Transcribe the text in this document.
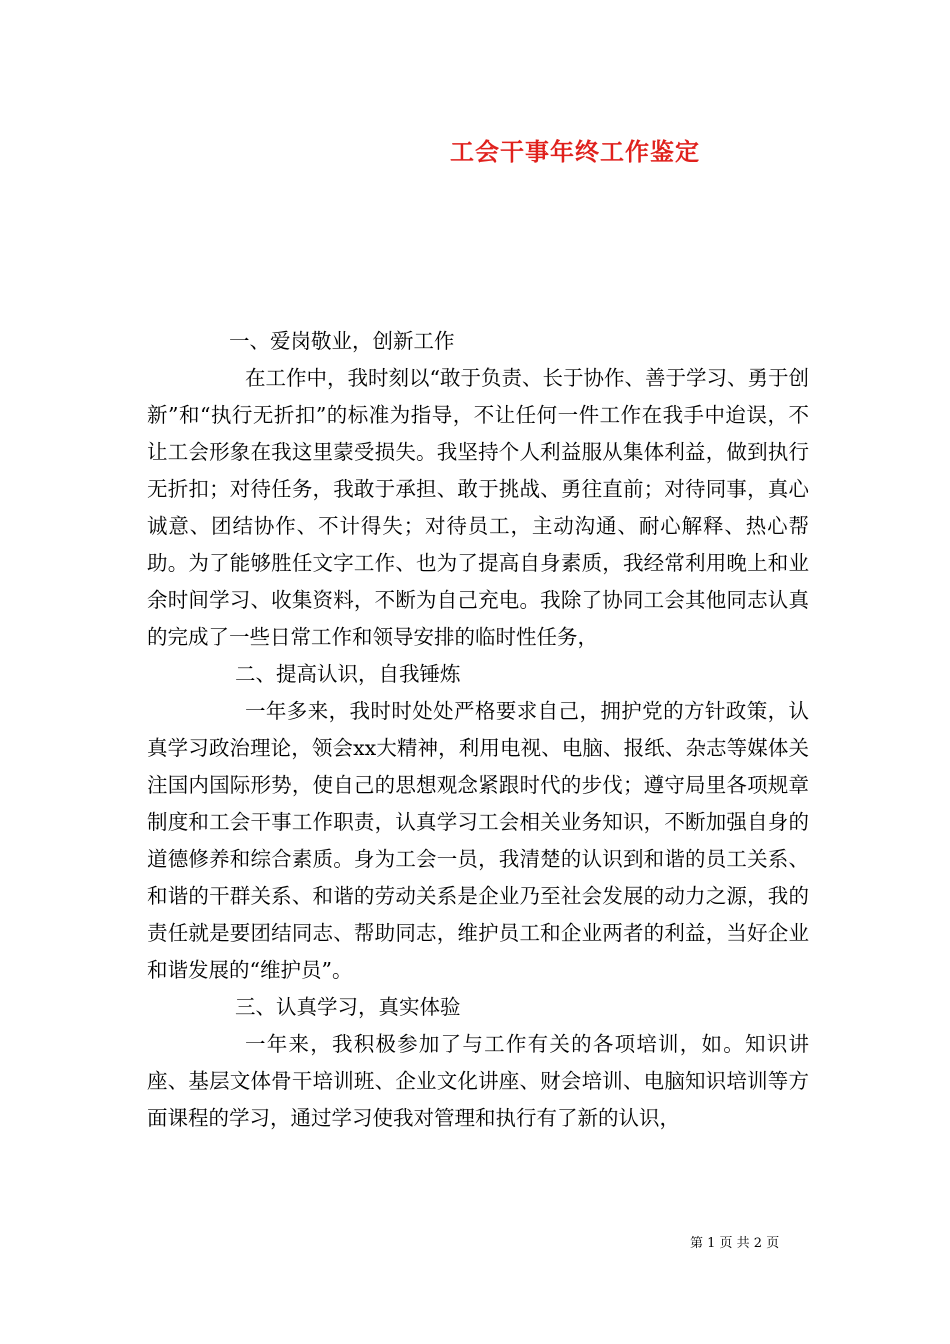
工会干事年终工作鉴定

一、爱岗敬业，创新工作

在工作中，我时刻以“敢于负责、长于协作、善于学习、勇于创新”和“执行无折扣”的标准为指导，不让任何一件工作在我手中迨误，不让工会形象在我这里蒙受损失。我坚持个人利益服从集体利益，做到执行无折扣；对待任务，我敢于承担、敢于挑战、勇往直前；对待同事，真心诚意、团结协作、不计得失；对待员工，主动沟通、耐心解释、热心帮助。为了能够胜任文字工作、也为了提高自身素质，我经常利用晚上和业余时间学习、收集资料，不断为自己充电。我除了协同工会其他同志认真的完成了一些日常工作和领导安排的临时性任务，

二、提高认识，自我锤炼

一年多来，我时时处处严格要求自己，拥护党的方针政策，认真学习政治理论，领会xx大精神，利用电视、电脑、报纸、杂志等媒体关注国内国际形势，使自己的思想观念紧跟时代的步伐；遵守局里各项规章制度和工会干事工作职责，认真学习工会相关业务知识，不断加强自身的道德修养和综合素质。身为工会一员，我清楚的认识到和谐的员工关系、和谐的干群关系、和谐的劳动关系是企业乃至社会发展的动力之源，我的责任就是要团结同志、帮助同志，维护员工和企业两者的利益，当好企业和谐发展的“维护员”。

三、认真学习，真实体验

一年来，我积极参加了与工作有关的各项培训，如。知识讲座、基层文体骨干培训班、企业文化讲座、财会培训、电脑知识培训等方面课程的学习，通过学习使我对管理和执行有了新的认识，

第 1 页 共 2 页
